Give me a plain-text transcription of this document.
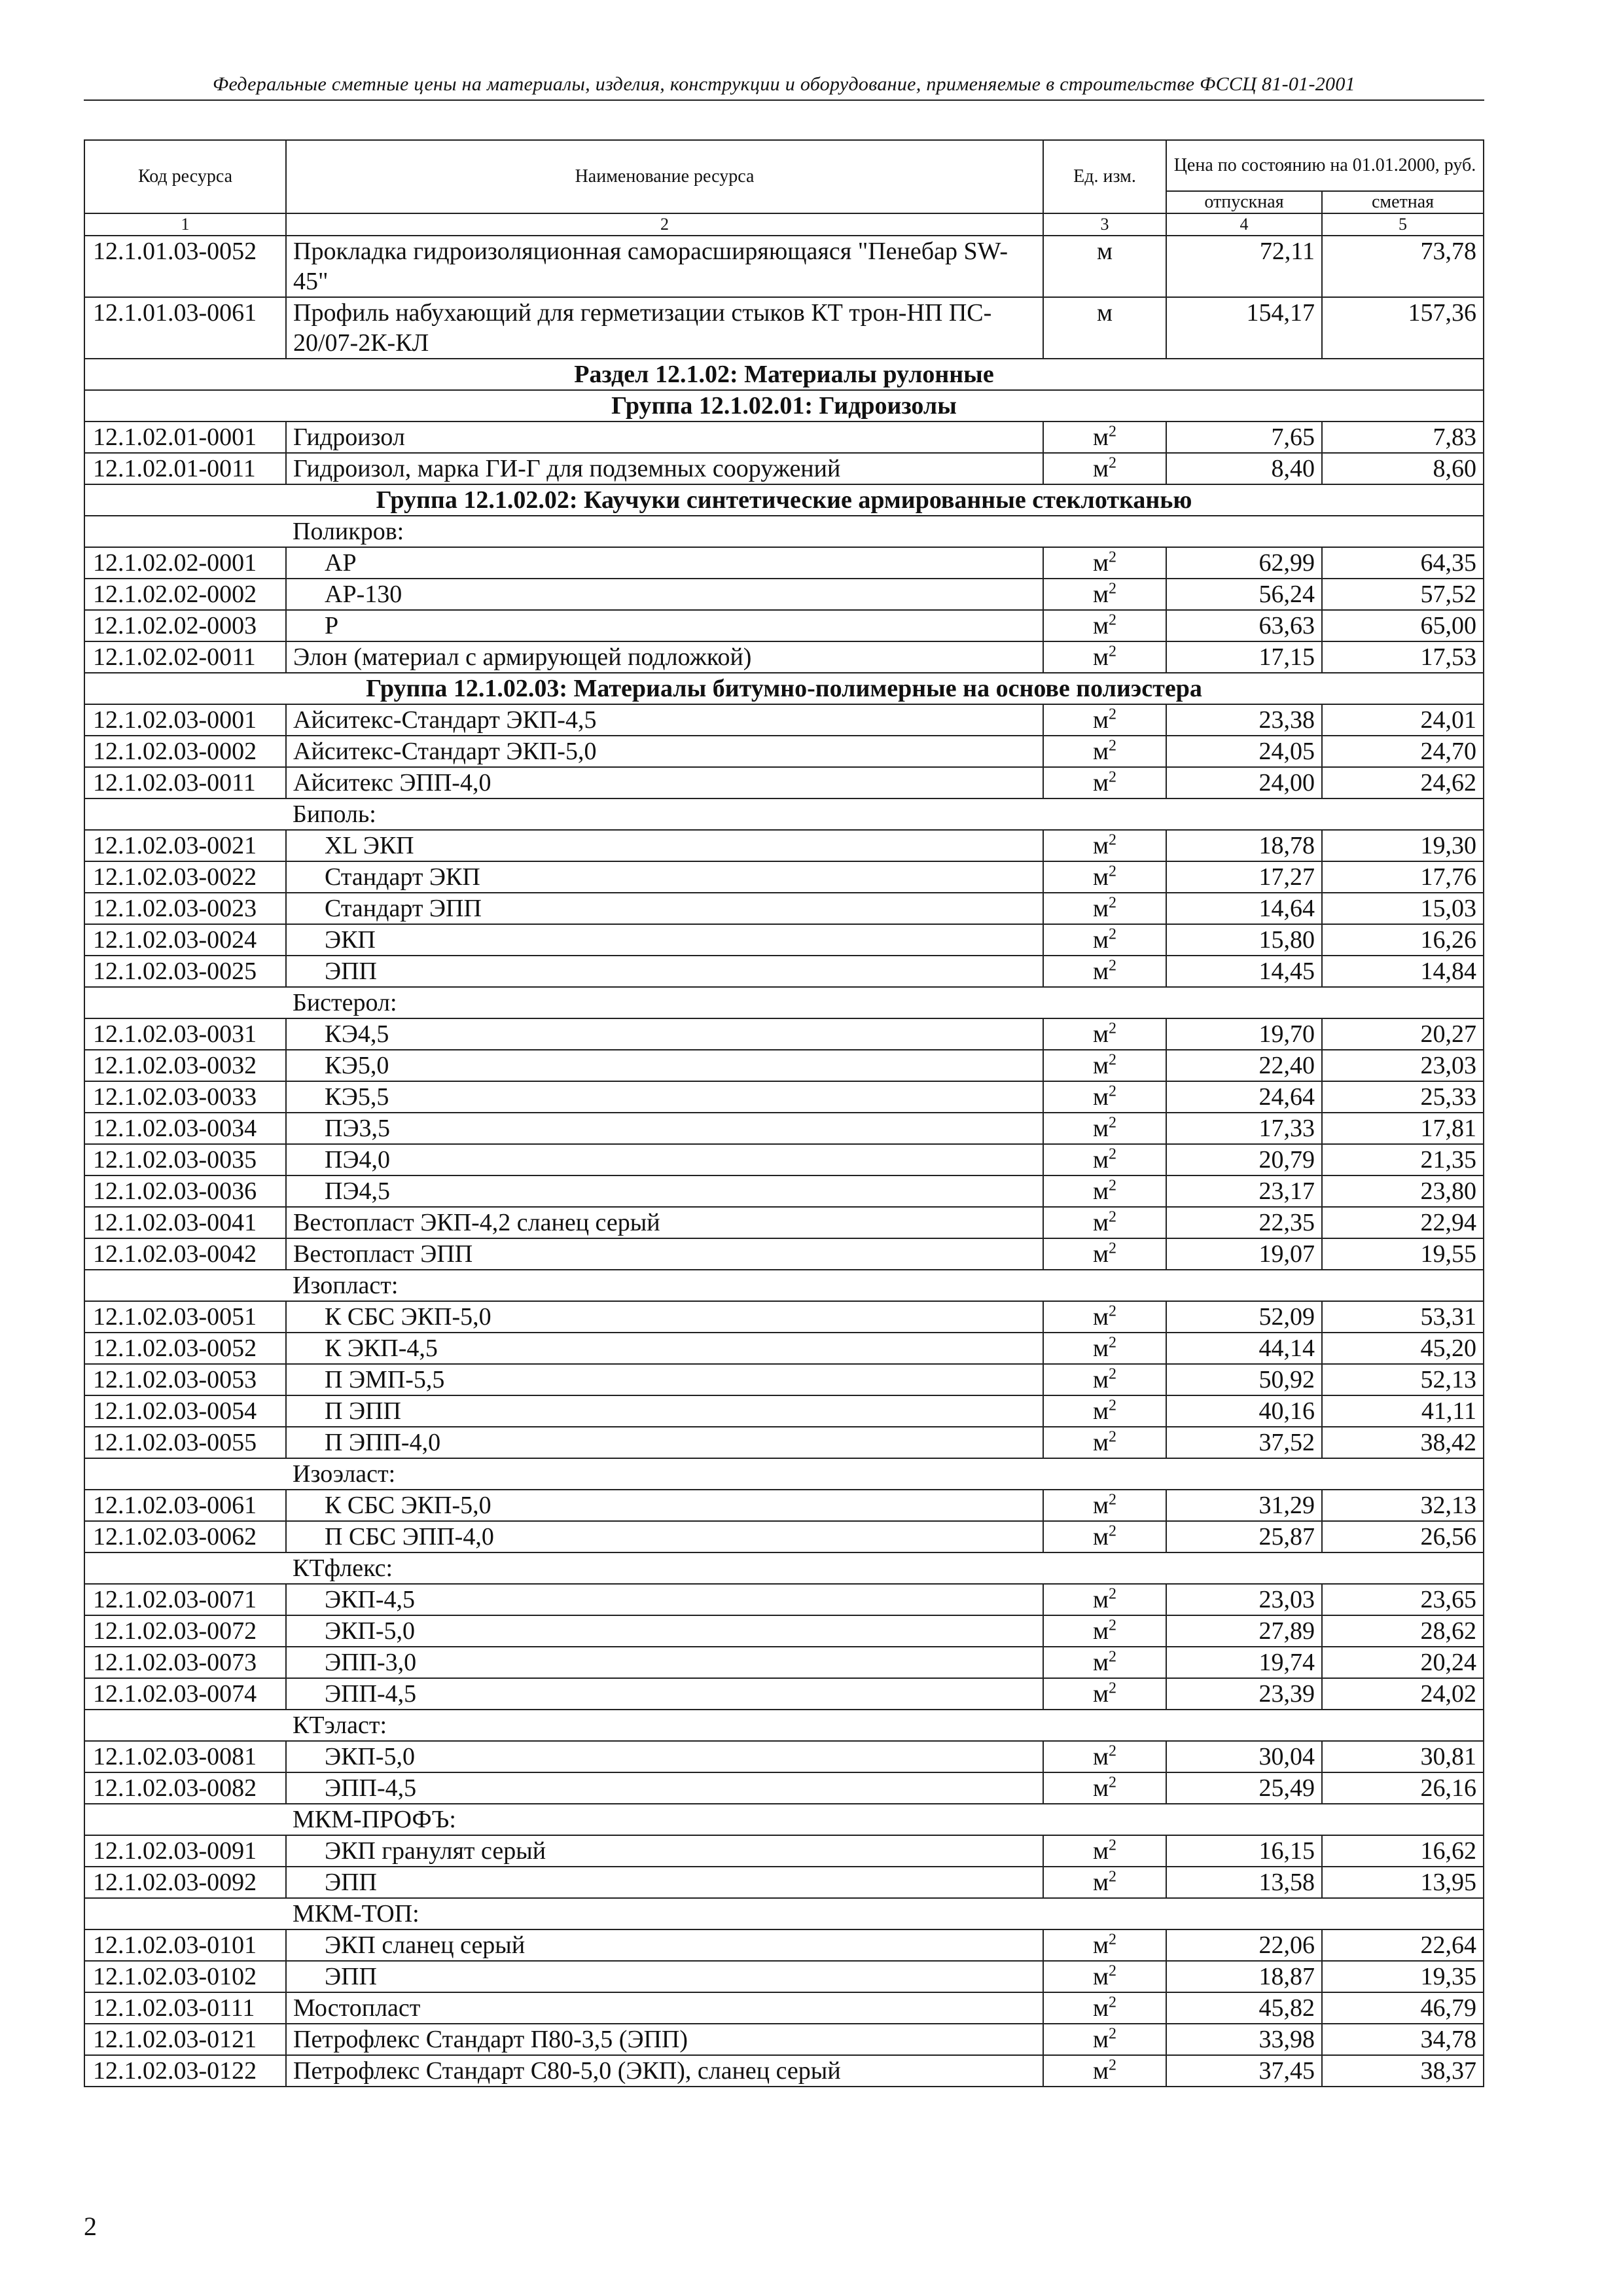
Федеральные сметные цены на материалы, изделия, конструкции и оборудование, применяемые в строительстве ФССЦ 81-01-2001
Код ресурса	Наименование ресурса	Ед. изм.	Цена по состоянию на 01.01.2000, руб.	
			отпускная	сметная
1	2	3	4	5
12.1.01.03-0052	Прокладка гидроизоляционная саморасширяющаяся "Пенебар SW-45"	м	72,11	73,78
12.1.01.03-0061	Профиль набухающий для герметизации стыков КТ трон-НП ПС- 20/07-2К-КЛ	м	154,17	157,36
Раздел 12.1.02: Материалы рулонные				
Группа 12.1.02.01: Гидроизолы				
12.1.02.01-0001	Гидроизол	$м^2$	7,65	7,83
12.1.02.01-0011	Гидроизол, марка ГИ-Г для подземных сооружений	$м^2$	8,40	8,60
Группа 12.1.02.02: Каучуки синтетические армированные стеклотканью				
	Поликров:			
12.1.02.02-0001	АР	$м^2$	62,99	64,35
12.1.02.02-0002	АР-130	$м^2$	56,24	57,52
12.1.02.02-0003	Р	$м^2$	63,63	65,00
12.1.02.02-0011	Элон (материал с армирующей подложкой)	$м^2$	17,15	17,53
Группа 12.1.02.03: Материалы битумно-полимерные на основе полиэстера				
12.1.02.03-0001	Айситекс-Стандарт ЭКП-4,5	$м^2$	23,38	24,01
12.1.02.03-0002	Айситекс-Стандарт ЭКП-5,0	$м^2$	24,05	24,70
12.1.02.03-0011	Айситекс ЭПП-4,0	$м^2$	24,00	24,62
	Биполь:			
12.1.02.03-0021	XL ЭКП	$м^2$	18,78	19,30
12.1.02.03-0022	Стандарт ЭКП	$м^2$	17,27	17,76
12.1.02.03-0023	Стандарт ЭПП	$м^2$	14,64	15,03
12.1.02.03-0024	ЭКП	$м^2$	15,80	16,26
12.1.02.03-0025	ЭПП	$м^2$	14,45	14,84
	Бистерол:			
12.1.02.03-0031	КЭ4,5	$м^2$	19,70	20,27
12.1.02.03-0032	КЭ5,0	$м^2$	22,40	23,03
12.1.02.03-0033	КЭ5,5	$м^2$	24,64	25,33
12.1.02.03-0034	ПЭ3,5	$м^2$	17,33	17,81
12.1.02.03-0035	ПЭ4,0	$м^2$	20,79	21,35
12.1.02.03-0036	ПЭ4,5	$м^2$	23,17	23,80
12.1.02.03-0041	Вестопласт ЭКП-4,2 сланец серый	$м^2$	22,35	22,94
12.1.02.03-0042	Вестопласт ЭПП	$м^2$	19,07	19,55
	Изопласт:			
12.1.02.03-0051	К СБС ЭКП-5,0	$м^2$	52,09	53,31
12.1.02.03-0052	К ЭКП-4,5	$м^2$	44,14	45,20
12.1.02.03-0053	П ЭМП-5,5	$м^2$	50,92	52,13
12.1.02.03-0054	П ЭПП	$м^2$	40,16	41,11
12.1.02.03-0055	П ЭПП-4,0	$м^2$	37,52	38,42
	Изоэласт:			
12.1.02.03-0061	К СБС ЭКП-5,0	$м^2$	31,29	32,13
12.1.02.03-0062	П СБС ЭПП-4,0	$м^2$	25,87	26,56
	КТфлекс:			
12.1.02.03-0071	ЭКП-4,5	$м^2$	23,03	23,65
12.1.02.03-0072	ЭКП-5,0	$м^2$	27,89	28,62
12.1.02.03-0073	ЭПП-3,0	$м^2$	19,74	20,24
12.1.02.03-0074	ЭПП-4,5	$м^2$	23,39	24,02
	КТэласт:			
12.1.02.03-0081	ЭКП-5,0	$м^2$	30,04	30,81
12.1.02.03-0082	ЭПП-4,5	$м^2$	25,49	26,16
	МКМ-ПРОФЪ:			
12.1.02.03-0091	ЭКП гранулят серый	$м^2$	16,15	16,62
12.1.02.03-0092	ЭПП	$м^2$	13,58	13,95
	МКМ-ТОП:			
12.1.02.03-0101	ЭКП сланец серый	$м^2$	22,06	22,64
12.1.02.03-0102	ЭПП	$м^2$	18,87	19,35
12.1.02.03-0111	Мостопласт	$м^2$	45,82	46,79
12.1.02.03-0121	Петрофлекс Стандарт П80-3,5 (ЭПП)	$м^2$	33,98	34,78
12.1.02.03-0122	Петрофлекс Стандарт С80-5,0 (ЭКП), сланец серый	$м^2$	37,45	38,37
2
